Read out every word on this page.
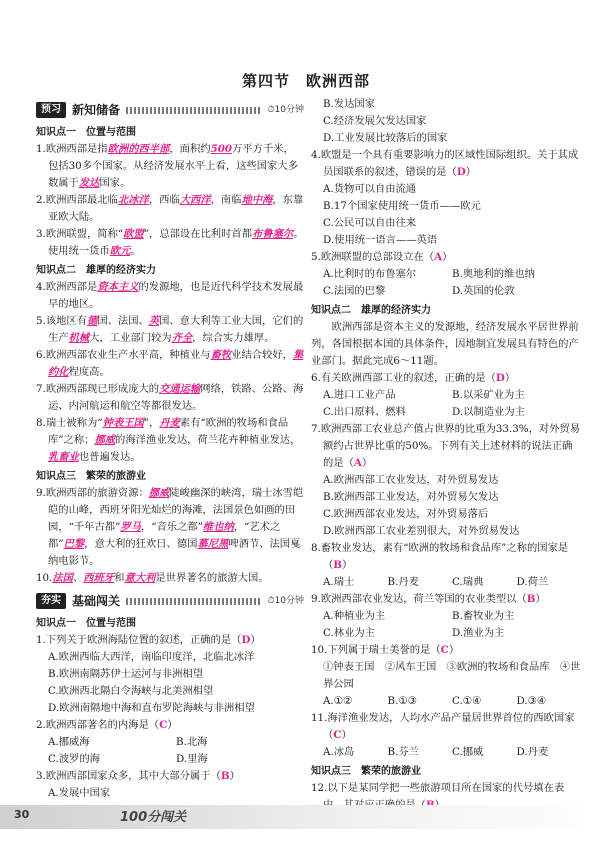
第四节　欧洲西部
预习 新知储备	⏱ 10分钟
知识点一　位置与范围

1.欧洲西部是指欧洲的西半部，面积约500万平方千米，包括30多个国家。从经济发展水平上看，这些国家大多数属于发达国家。

2.欧洲西部最北临北冰洋，西临大西洋，南临地中海，东靠亚欧大陆。

3.欧洲联盟，简称“欧盟”，总部设在比利时首都布鲁塞尔。使用统一货币欧元。

知识点二　雄厚的经济实力

4.欧洲西部是资本主义的发源地，也是近代科学技术发展最早的地区。

5.该地区有德国、法国、英国、意大利等工业大国，它们的生产机械大，工业部门较为齐全，综合实力雄厚。

6.欧洲西部农业生产水平高，种植业与畜牧业结合较好，集约化程度高。

7.欧洲西部现已形成庞大的交通运输网络，铁路、公路、海运、内河航运和航空等都很发达。

8.瑞士被称为“钟表王国”，丹麦素有“欧洲的牧场和食品库”之称；挪威的海洋渔业发达，荷兰花卉种植业发达，乳畜业也普遍发达。

知识点三　繁荣的旅游业

9.欧洲西部的旅游资源：挪威陡峻幽深的峡湾，瑞士冰雪皑皑的山峰，西班牙阳光灿烂的海滩，法国景色如画的田园，“千年古都”罗马，“音乐之都”维也纳，“艺术之都”巴黎，意大利的狂欢日、德国慕尼黑啤酒节、法国戛纳电影节。

10.法国、西班牙和意大利是世界著名的旅游大国。

夯实 基础闯关	⏱ 10分钟
知识点一　位置与范围

1.下列关于欧洲海陆位置的叙述，正确的是（D）

A.欧洲西临大西洋，南临印度洋，北临北冰洋

B.欧洲南隔苏伊士运河与非洲相望

C.欧洲西北隔白令海峡与北美洲相望

D.欧洲南隔地中海和直布罗陀海峡与非洲相望

2.欧洲西部著名的内海是（C）

A.挪威海	B.北海
C.波罗的海	D.里海

3.欧洲西部国家众多，其中大部分属于（B）

A.发展中国家

B.发达国家

C.经济发展欠发达国家

D.工业发展比较落后的国家

4.欧盟是一个具有重要影响力的区域性国际组织。关于其成员国联系的叙述，错误的是（D）

A.货物可以自由流通

B.17个国家使用统一货币——欧元

C.公民可以自由往来

D.使用统一语言——英语

5.欧洲联盟的总部设立在（A）

A.比利时的布鲁塞尔	B.奥地利的维也纳
C.法国的巴黎	D.英国的伦敦
知识点二　雄厚的经济实力

欧洲西部是资本主义的发源地，经济发展水平居世界前列，各国根据本国的具体条件，因地制宜发展具有特色的产业部门。据此完成6～11题。

6.有关欧洲西部工业的叙述，正确的是（D）

A.进口工业产品	B.以采矿业为主
C.出口原料、燃料	D.以制造业为主

7.欧洲西部工农业总产值占世界的比重为33.3%，对外贸易额约占世界比重的50%。下列有关上述材料的说法正确的是（A）

A.欧洲西部工农业发达，对外贸易发达

B.欧洲西部工业发达，对外贸易欠发达

C.欧洲西部农业发达，对外贸易落后

D.欧洲西部工农业差别很大，对外贸易发达

8.畜牧业发达，素有“欧洲的牧场和食品库”之称的国家是（B）

A.瑞士	B.丹麦	C.瑞典	D.荷兰

9.欧洲西部农业发达，荷兰等国的农业类型以（B）

A.种植业为主	B.畜牧业为主
C.林业为主	D.渔业为主

10.下列属于瑞士美誉的是（C）

①钟表王国　②风车王国　③欧洲的牧场和食品库　④世界公园

A.①②	B.①③	C.①④	D.③④

11.海洋渔业发达，人均水产品产量居世界首位的西欧国家（C）

A.冰岛	B.芬兰	C.挪威	D.丹麦
知识点三　繁荣的旅游业

12.以下是某同学把一些旅游项目所在国家的代号填在表

30	100分闯关
